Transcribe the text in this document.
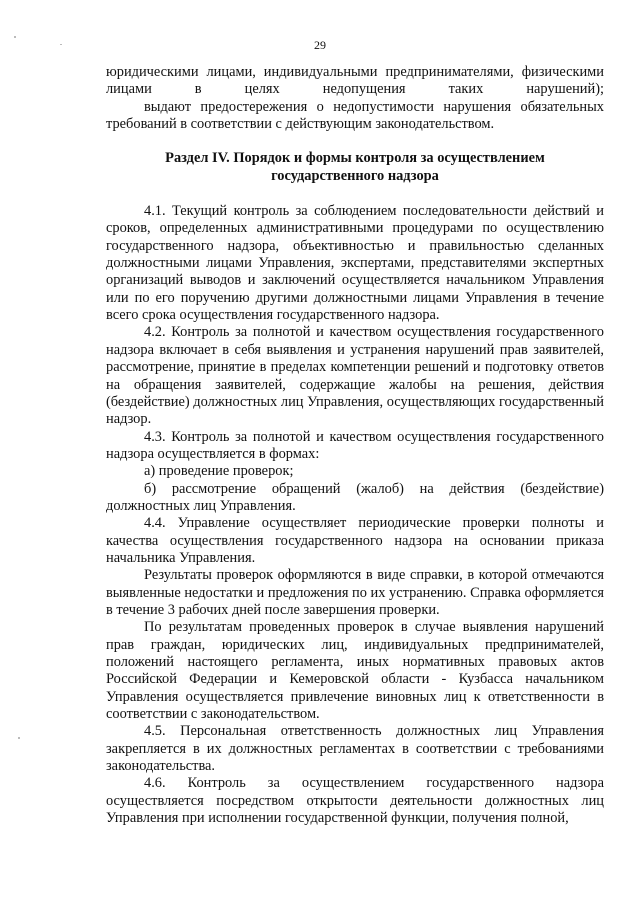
29

юридическими лицами, индивидуальными предпринимателями, физическими лицами в целях недопущения таких нарушений);

выдают предостережения о недопустимости нарушения обязательных требований в соответствии с действующим законодательством.

Раздел IV. Порядок и формы контроля за осуществлением

государственного надзора

4.1. Текущий контроль за соблюдением последовательности действий и сроков, определенных административными процедурами по осуществлению государственного надзора, объективностью и правильностью сделанных должностными лицами Управления, экспертами, представителями экспертных организаций выводов и заключений осуществляется начальником Управления или по его поручению другими должностными лицами Управления в течение всего срока осуществления государственного надзора.

4.2. Контроль за полнотой и качеством осуществления государственного надзора включает в себя выявления и устранения нарушений прав заявителей, рассмотрение, принятие в пределах компетенции решений и подготовку ответов на обращения заявителей, содержащие жалобы на решения, действия (бездействие) должностных лиц Управления, осуществляющих государственный надзор.

4.3. Контроль за полнотой и качеством осуществления государственного надзора осуществляется в формах:

а) проведение проверок;

б) рассмотрение обращений (жалоб) на действия (бездействие) должностных лиц Управления.

4.4. Управление осуществляет периодические проверки полноты и качества осуществления государственного надзора на основании приказа начальника Управления.

Результаты проверок оформляются в виде справки, в которой отмечаются выявленные недостатки и предложения по их устранению. Справка оформляется в течение 3 рабочих дней после завершения проверки.

По результатам проведенных проверок в случае выявления нарушений прав граждан, юридических лиц, индивидуальных предпринимателей, положений настоящего регламента, иных нормативных правовых актов Российской Федерации и Кемеровской области - Кузбасса начальником Управления осуществляется привлечение виновных лиц к ответственности в соответствии с законодательством.

4.5. Персональная ответственность должностных лиц Управления закрепляется в их должностных регламентах в соответствии с требованиями законодательства.

4.6. Контроль за осуществлением государственного надзора осуществляется посредством открытости деятельности должностных лиц Управления при исполнении государственной функции, получения полной,
